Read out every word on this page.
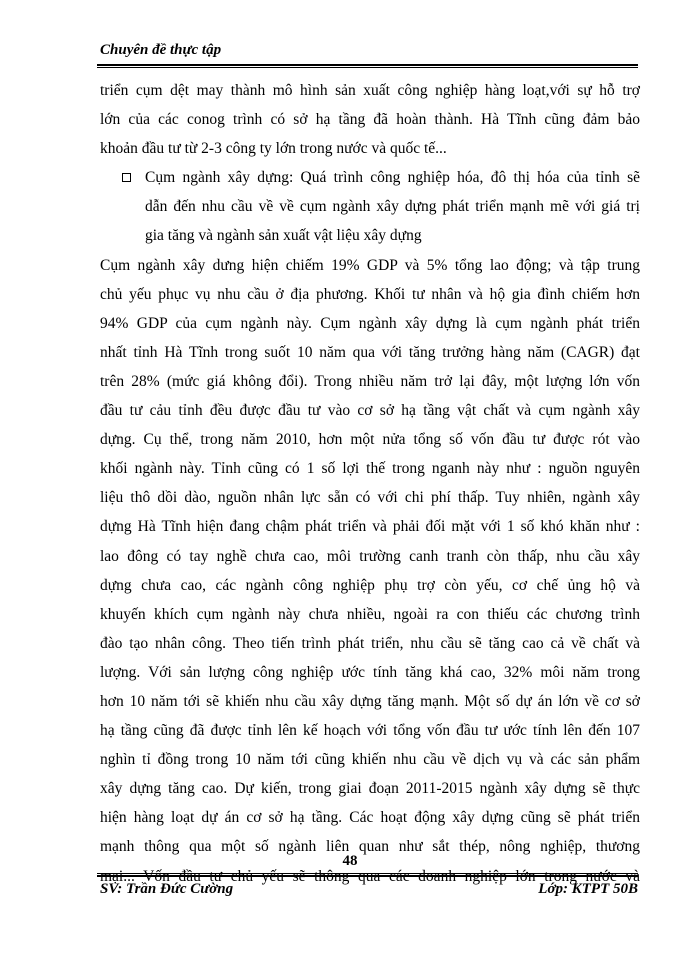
Chuyên đề thực tập
triển cụm dệt may thành mô hình sản xuất công nghiệp hàng loạt,với sự hỗ trợ
lớn của các conog trình có sở hạ tầng đã hoàn thành. Hà Tĩnh cũng đảm bảo
khoản đầu tư từ 2-3 công ty lớn trong nước và quốc tế...
Cụm ngành xây dựng: Quá trình công nghiệp hóa, đô thị hóa của tỉnh sẽ
dẫn đến nhu cầu về về cụm ngành xây dựng phát triển mạnh mẽ với giá trị
gia tăng và ngành sản xuất vật liệu xây dựng
Cụm ngành xây dưng hiện chiếm 19% GDP và 5% tổng lao động; và tập trung
chủ yếu phục vụ nhu cầu ở địa phương. Khối tư nhân và hộ gia đình chiếm hơn
94% GDP của cụm ngành này. Cụm ngành xây dựng là cụm ngành phát triển
nhất tỉnh Hà Tĩnh trong suốt 10 năm qua với tăng trưởng hàng năm (CAGR) đạt
trên 28% (mức giá không đổi). Trong nhiều năm trở lại đây, một lượng lớn vốn
đầu tư cảu tỉnh đều được đầu tư vào cơ sở hạ tầng vật chất và cụm ngành xây
dựng. Cụ thể, trong năm 2010, hơn một nửa tổng số vốn đầu tư được rót vào
khối ngành này. Tỉnh cũng có 1 số lợi thế trong nganh này như : nguồn nguyên
liệu thô dồi dào, nguồn nhân lực sẵn có với chi phí thấp. Tuy nhiên, ngành xây
dựng Hà Tĩnh hiện đang chậm phát triển và phải đối mặt với 1 số khó khăn như :
lao đông có tay nghề chưa cao, môi trường canh tranh còn thấp, nhu cầu xây
dựng chưa cao, các ngành công nghiệp phụ trợ còn yếu, cơ chế ủng hộ và
khuyến khích cụm ngành này chưa nhiều, ngoài ra con thiếu các chương trình
đào tạo nhân công. Theo tiến trình phát triển, nhu cầu sẽ tăng cao cả về chất và
lượng. Với sản lượng công nghiệp ước tính tăng khá cao, 32% môi năm trong
hơn 10 năm tới sẽ khiến nhu cầu xây dựng tăng mạnh. Một số dự án lớn về cơ sở
hạ tầng cũng đã được tỉnh lên kế hoạch với tổng vốn đầu tư ước tính lên đến 107
nghìn tỉ đồng trong 10 năm tới cũng khiến nhu cầu về dịch vụ và các sản phẩm
xây dựng tăng cao. Dự kiến, trong giai đoạn 2011-2015 ngành xây dựng sẽ thực
hiện hàng loạt dự án cơ sở hạ tầng. Các hoạt động xây dựng cũng sẽ phát triển
mạnh thông qua một số ngành liên quan như sắt thép, nông nghiệp, thương
mại... Vốn đầu tư chủ yếu sẽ thông qua các doanh nghiệp lớn trong nước và
48
SV: Trần Đức Cường	Lớp: KTPT 50B
